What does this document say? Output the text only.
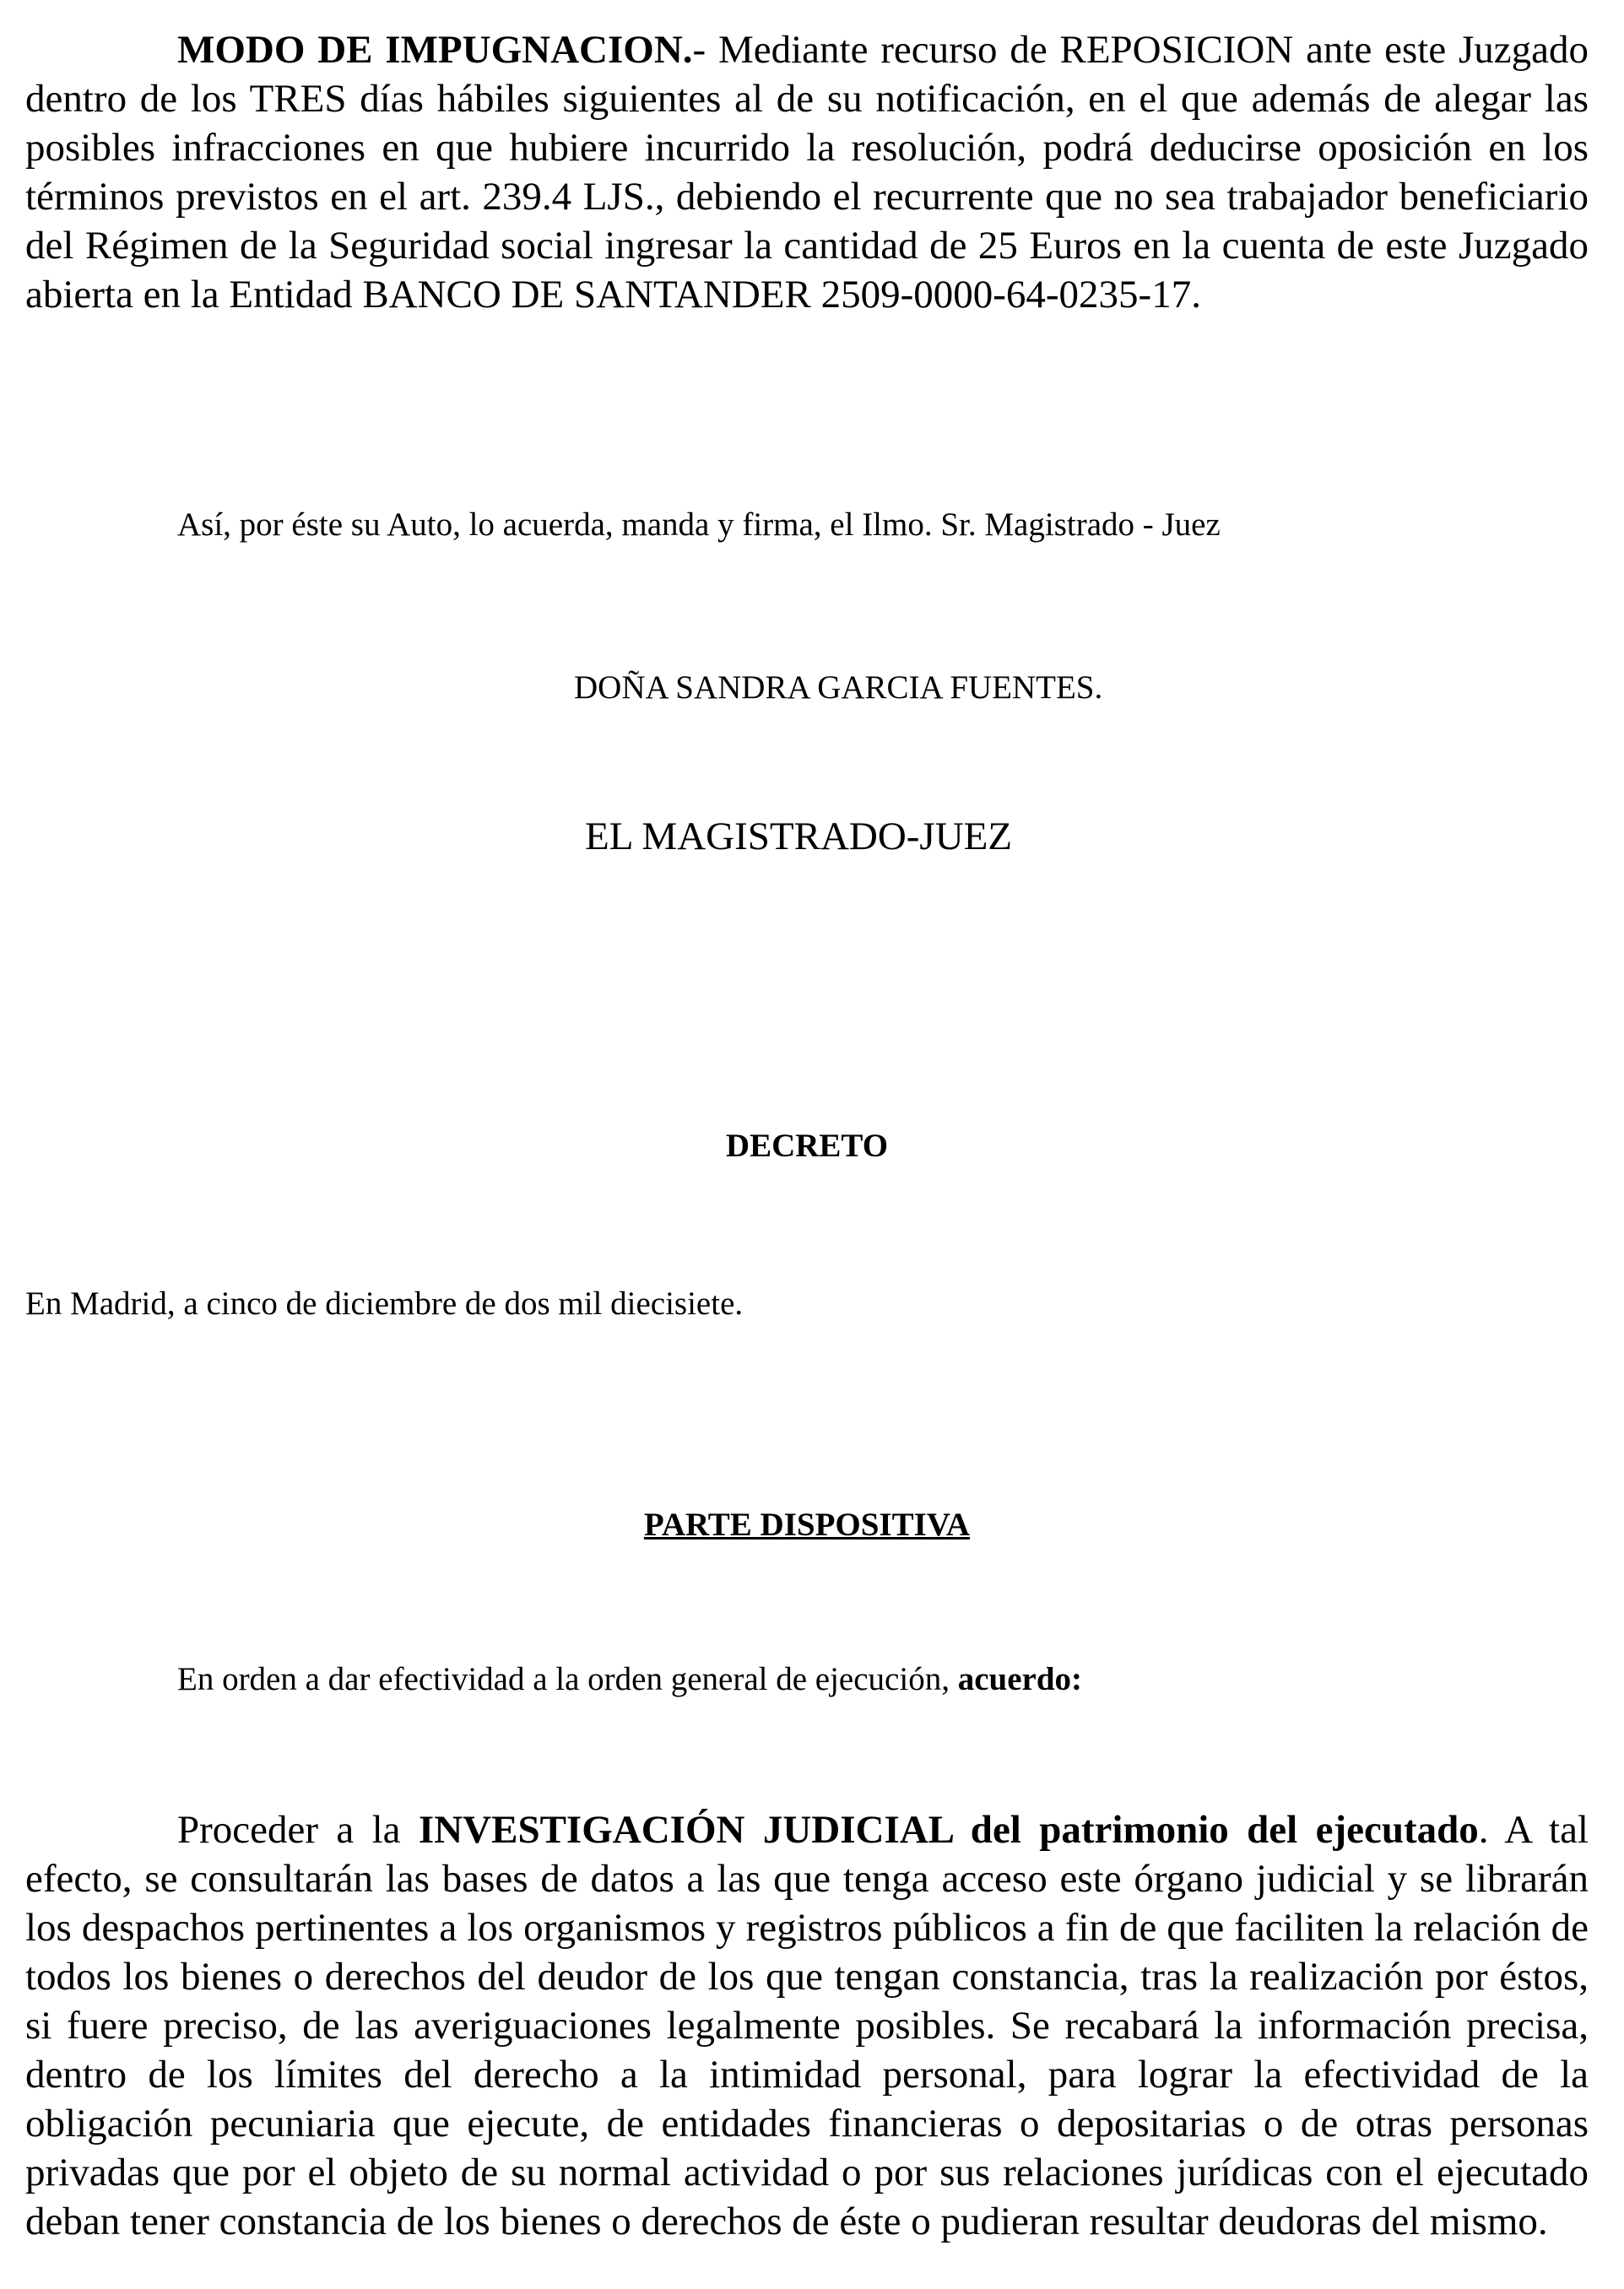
MODO DE IMPUGNACION.- Mediante recurso de REPOSICION ante este Juzgado dentro de los TRES días hábiles siguientes al de su notificación, en el que además de alegar las posibles infracciones en que hubiere incurrido la resolución, podrá deducirse oposición en los términos previstos en el art. 239.4 LJS., debiendo el recurrente que no sea trabajador beneficiario del Régimen de la Seguridad social ingresar la cantidad de 25 Euros en la cuenta de este Juzgado abierta en la Entidad BANCO DE SANTANDER 2509-0000-64-0235-17.

Así, por éste su Auto, lo acuerda, manda y firma, el Ilmo. Sr. Magistrado - Juez

DOÑA SANDRA GARCIA FUENTES.

EL MAGISTRADO-JUEZ

DECRETO

En Madrid, a cinco de diciembre de dos mil diecisiete.

PARTE DISPOSITIVA

En orden a dar efectividad a la orden general de ejecución, acuerdo:

Proceder a la INVESTIGACIÓN JUDICIAL del patrimonio del ejecutado. A tal efecto, se consultarán las bases de datos a las que tenga acceso este órgano judicial y se librarán los despachos pertinentes a los organismos y registros públicos a fin de que faciliten la relación de todos los bienes o derechos del deudor de los que tengan constancia, tras la realización por éstos, si fuere preciso, de las averiguaciones legalmente posibles. Se recabará la información precisa, dentro de los límites del derecho a la intimidad personal, para lograr la efectividad de la obligación pecuniaria que ejecute, de entidades financieras o depositarias o de otras personas privadas que por el objeto de su normal actividad o por sus relaciones jurídicas con el ejecutado deban tener constancia de los bienes o derechos de éste o pudieran resultar deudoras del mismo.
